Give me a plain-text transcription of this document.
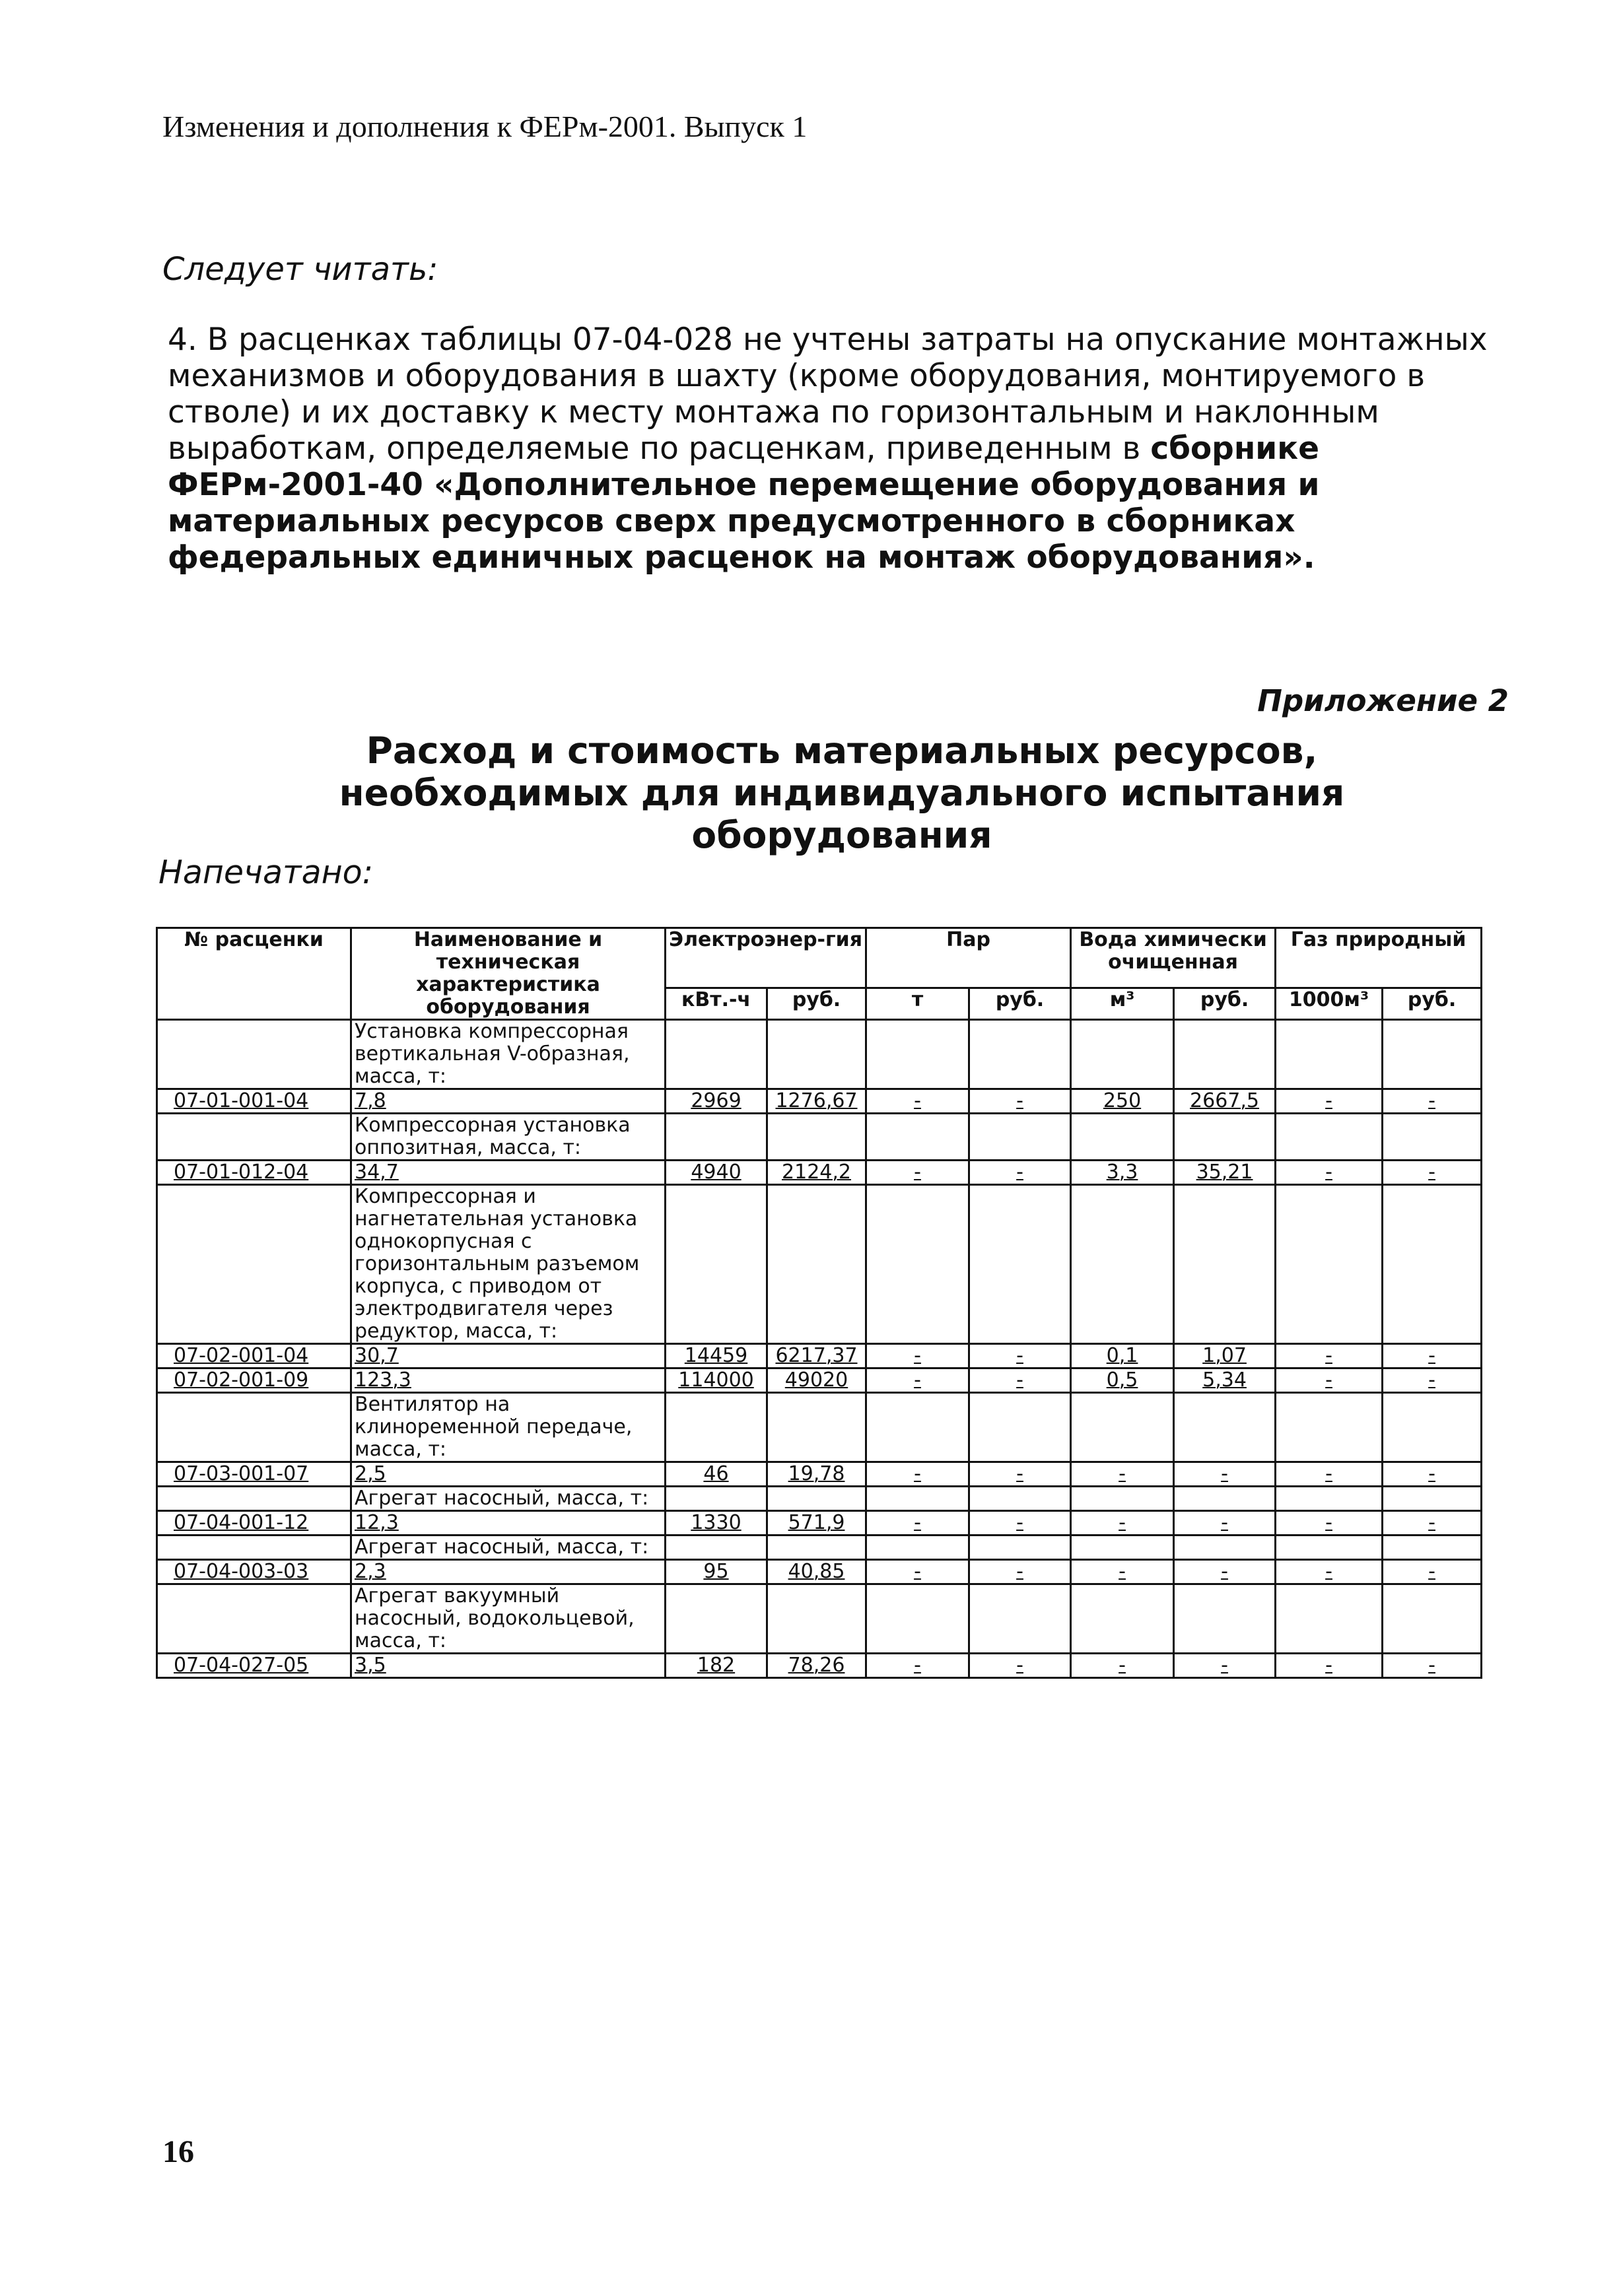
Изменения и дополнения к ФЕРм-2001. Выпуск 1
Следует читать:
4. В расценках таблицы 07-04-028 не учтены затраты на опускание монтажных механизмов и оборудования в шахту (кроме оборудования, монтируемого в стволе) и их доставку к месту монтажа по горизонтальным и наклонным выработкам, определяемые по расценкам, приведенным в сборнике ФЕРм-2001-40 «Дополнительное перемещение оборудования и материальных ресурсов сверх предусмотренного в сборниках федеральных единичных расценок на монтаж оборудования».
Приложение 2
Расход и стоимость материальных ресурсов, необходимых для индивидуального испытания оборудования
Напечатано:
№ расценки	Наименование и техническая характеристика оборудования	Электроэнер-гия		Пар		Вода химически очищенная		Газ природный	
		кВт.-ч	руб.	т	руб.	м³	руб.	1000м³	руб.
	Установка компрессорная вертикальная V-образная, масса, т:								
07-01-001-04	7,8	2969	1276,67	-	-	250	2667,5	-	-
	Компрессорная установка оппозитная, масса, т:								
07-01-012-04	34,7	4940	2124,2	-	-	3,3	35,21	-	-
	Компрессорная и нагнетательная установка однокорпусная с горизонтальным разъемом корпуса, с приводом от электродвигателя через редуктор, масса, т:								
07-02-001-04	30,7	14459	6217,37	-	-	0,1	1,07	-	-
07-02-001-09	123,3	114000	49020	-	-	0,5	5,34	-	-
	Вентилятор на клиноременной передаче, масса, т:								
07-03-001-07	2,5	46	19,78	-	-	-	-	-	-
	Агрегат насосный, масса, т:								
07-04-001-12	12,3	1330	571,9	-	-	-	-	-	-
	Агрегат насосный, масса, т:								
07-04-003-03	2,3	95	40,85	-	-	-	-	-	-
	Агрегат вакуумный насосный, водокольцевой, масса, т:								
07-04-027-05	3,5	182	78,26	-	-	-	-	-	-
16
